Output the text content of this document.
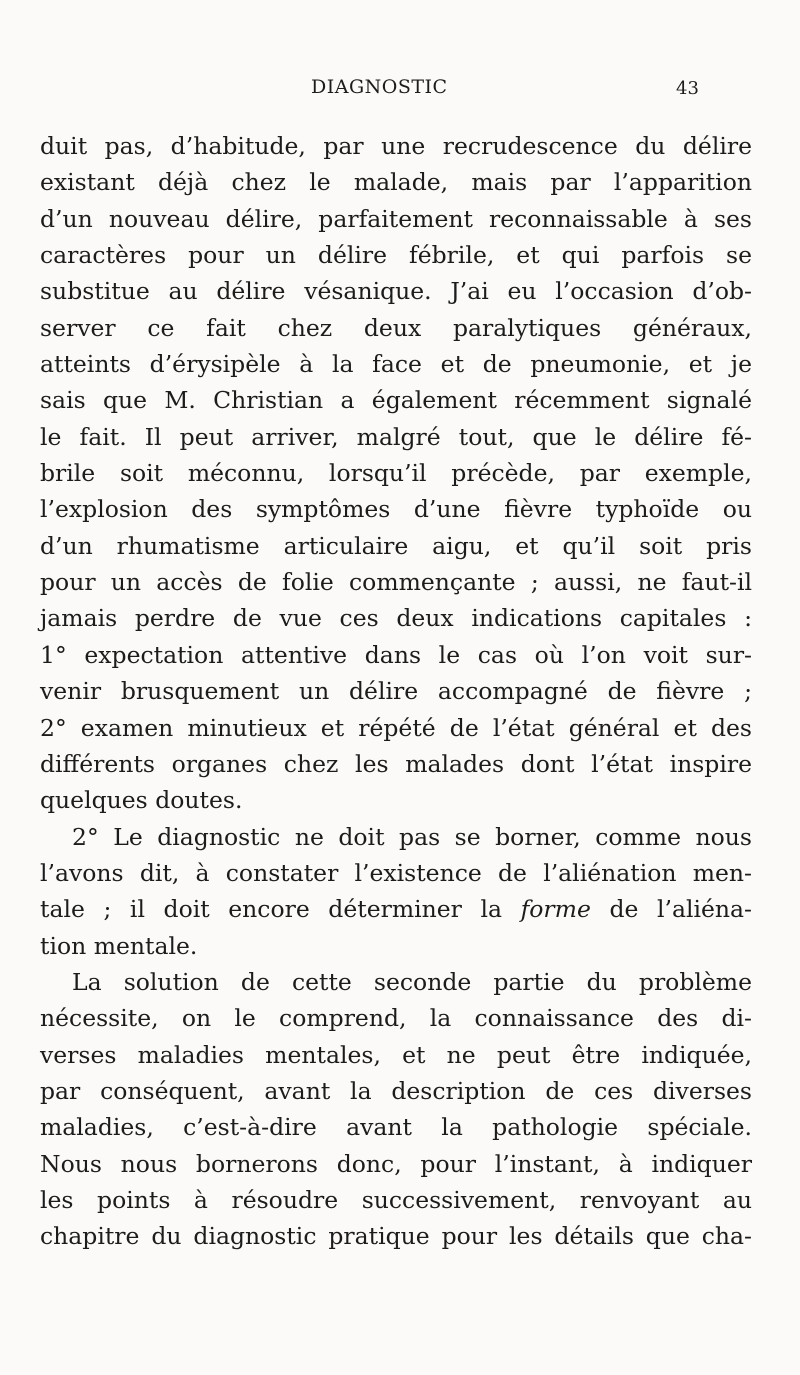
DIAGNOSTIC	43
duit pas, d’habitude, par une recrudescence du délire
existant déjà chez le malade, mais par l’apparition
d’un nouveau délire, parfaitement reconnaissable à ses
caractères pour un délire fébrile, et qui parfois se
substitue au délire vésanique. J’ai eu l’occasion d’ob-
server ce fait chez deux paralytiques généraux,
atteints d’érysipèle à la face et de pneumonie, et je
sais que M. Christian a également récemment signalé
le fait. Il peut arriver, malgré tout, que le délire fé-
brile soit méconnu, lorsqu’il précède, par exemple,
l’explosion des symptômes d’une fièvre typhoïde ou
d’un rhumatisme articulaire aigu, et qu’il soit pris
pour un accès de folie commençante ; aussi, ne faut-il
jamais perdre de vue ces deux indications capitales :
1° expectation attentive dans le cas où l’on voit sur-
venir brusquement un délire accompagné de fièvre ;
2° examen minutieux et répété de l’état général et des
différents organes chez les malades dont l’état inspire
quelques doutes.
2° Le diagnostic ne doit pas se borner, comme nous
l’avons dit, à constater l’existence de l’aliénation men-
tale ; il doit encore déterminer la forme de l’aliéna-
tion mentale.
La solution de cette seconde partie du problème
nécessite, on le comprend, la connaissance des di-
verses maladies mentales, et ne peut être indiquée,
par conséquent, avant la description de ces diverses
maladies, c’est-à-dire avant la pathologie spéciale.
Nous nous bornerons donc, pour l’instant, à indiquer
les points à résoudre successivement, renvoyant au
chapitre du diagnostic pratique pour les détails que cha-
